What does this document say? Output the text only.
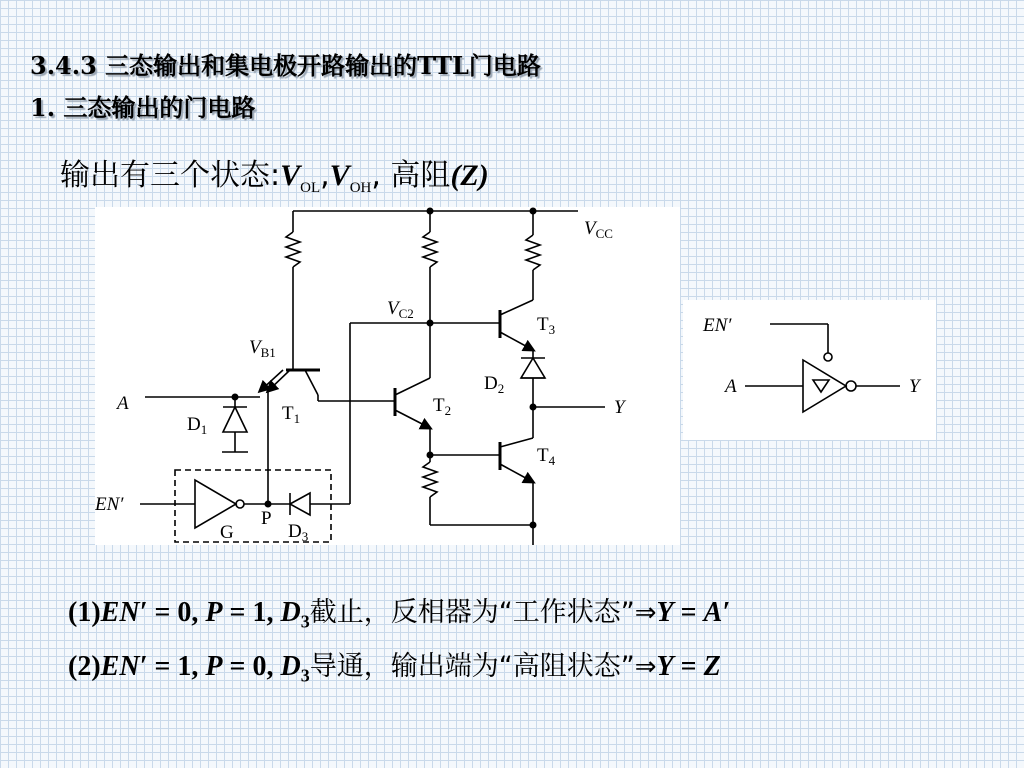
3.4.3 三态输出和集电极开路输出的TTL门电路
1. 三态输出的门电路
输出有三个状态$:V_{OL},V_{OH}$, 高阻(Z)
$V_{CC}$
$V_{C2}$
$V_{B1}$
$T_1$
$T_2$
$T_3$
$T_4$
$D_1$
$D_2$
$D_3$
A	Y
EN′
G
P
EN′
A	Y
(1)EN′ = 0, P = 1, $D_3$截止，反相器为“工作状态”⇒Y = A′
(2)EN′ = 1, P = 0, $D_3$导通，输出端为“高阻状态”⇒Y = Z
